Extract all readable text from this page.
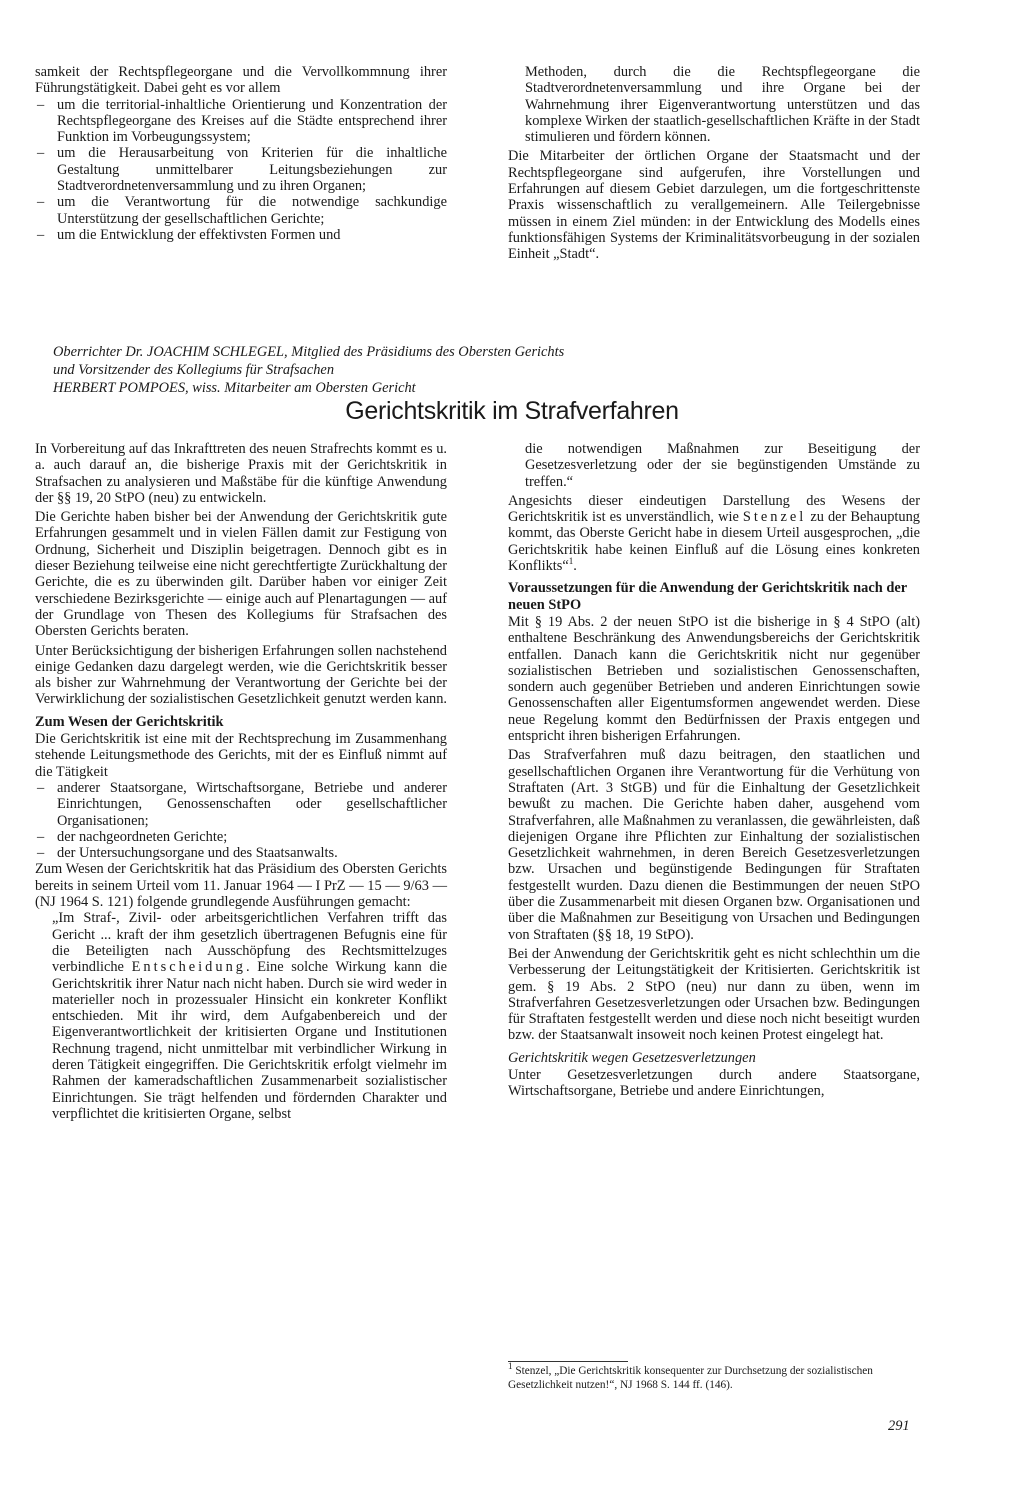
samkeit der Rechtspflegeorgane und die Vervollkommnung ihrer Führungstätigkeit. Dabei geht es vor allem

– um die territorial-inhaltliche Orientierung und Konzentration der Rechtspflegeorgane des Kreises auf die Städte entsprechend ihrer Funktion im Vorbeugungssystem;
– um die Herausarbeitung von Kriterien für die inhaltliche Gestaltung unmittelbarer Leitungsbeziehungen zur Stadtverordnetenversammlung und zu ihren Organen;
– um die Verantwortung für die notwendige sachkundige Unterstützung der gesellschaftlichen Gerichte;
– um die Entwicklung der effektivsten Formen und

Methoden, durch die die Rechtspflegeorgane die Stadtverordnetenversammlung und ihre Organe bei der Wahrnehmung ihrer Eigenverantwortung unterstützen und das komplexe Wirken der staatlich-gesellschaftlichen Kräfte in der Stadt stimulieren und fördern können.

Die Mitarbeiter der örtlichen Organe der Staatsmacht und der Rechtspflegeorgane sind aufgerufen, ihre Vorstellungen und Erfahrungen auf diesem Gebiet darzulegen, um die fortgeschrittenste Praxis wissenschaftlich zu verallgemeinern. Alle Teilergebnisse müssen in einem Ziel münden: in der Entwicklung des Modells eines funktionsfähigen Systems der Kriminalitätsvorbeugung in der sozialen Einheit „Stadt“.

Oberrichter Dr. JOACHIM SCHLEGEL, Mitglied des Präsidiums des Obersten Gerichts
und Vorsitzender des Kollegiums für Strafsachen
HERBERT POMPOES, wiss. Mitarbeiter am Obersten Gericht
Gerichtskritik im Strafverfahren

In Vorbereitung auf das Inkrafttreten des neuen Strafrechts kommt es u. a. auch darauf an, die bisherige Praxis mit der Gerichtskritik in Strafsachen zu analysieren und Maßstäbe für die künftige Anwendung der §§ 19, 20 StPO (neu) zu entwickeln.

Die Gerichte haben bisher bei der Anwendung der Gerichtskritik gute Erfahrungen gesammelt und in vielen Fällen damit zur Festigung von Ordnung, Sicherheit und Disziplin beigetragen. Dennoch gibt es in dieser Beziehung teilweise eine nicht gerechtfertigte Zurückhaltung der Gerichte, die es zu überwinden gilt. Darüber haben vor einiger Zeit verschiedene Bezirksgerichte — einige auch auf Plenartagungen — auf der Grundlage von Thesen des Kollegiums für Strafsachen des Obersten Gerichts beraten.

Unter Berücksichtigung der bisherigen Erfahrungen sollen nachstehend einige Gedanken dazu dargelegt werden, wie die Gerichtskritik besser als bisher zur Wahrnehmung der Verantwortung der Gerichte bei der Verwirklichung der sozialistischen Gesetzlichkeit genutzt werden kann.

Zum Wesen der Gerichtskritik

Die Gerichtskritik ist eine mit der Rechtsprechung im Zusammenhang stehende Leitungsmethode des Gerichts, mit der es Einfluß nimmt auf die Tätigkeit

– anderer Staatsorgane, Wirtschaftsorgane, Betriebe und anderer Einrichtungen, Genossenschaften oder gesellschaftlicher Organisationen;
– der nachgeordneten Gerichte;
– der Untersuchungsorgane und des Staatsanwalts.

Zum Wesen der Gerichtskritik hat das Präsidium des Obersten Gerichts bereits in seinem Urteil vom 11. Januar 1964 — I PrZ — 15 — 9/63 — (NJ 1964 S. 121) folgende grundlegende Ausführungen gemacht:

„Im Straf-, Zivil- oder arbeitsgerichtlichen Verfahren trifft das Gericht ... kraft der ihm gesetzlich übertragenen Befugnis eine für die Beteiligten nach Ausschöpfung des Rechtsmittelzuges verbindliche Entscheidung. Eine solche Wirkung kann die Gerichtskritik ihrer Natur nach nicht haben. Durch sie wird weder in materieller noch in prozessualer Hinsicht ein konkreter Konflikt entschieden. Mit ihr wird, dem Aufgabenbereich und der Eigenverantwortlichkeit der kritisierten Organe und Institutionen Rechnung tragend, nicht unmittelbar mit verbindlicher Wirkung in deren Tätigkeit eingegriffen. Die Gerichtskritik erfolgt vielmehr im Rahmen der kameradschaftlichen Zusammenarbeit sozialistischer Einrichtungen. Sie trägt helfenden und fördernden Charakter und verpflichtet die kritisierten Organe, selbst

die notwendigen Maßnahmen zur Beseitigung der Gesetzesverletzung oder der sie begünstigenden Umstände zu treffen.“

Angesichts dieser eindeutigen Darstellung des Wesens der Gerichtskritik ist es unverständlich, wie Stenzel zu der Behauptung kommt, das Oberste Gericht habe in diesem Urteil ausgesprochen, „die Gerichtskritik habe keinen Einfluß auf die Lösung eines konkreten Konflikts“$^1$.

Voraussetzungen für die Anwendung der Gerichtskritik nach der neuen StPO

Mit § 19 Abs. 2 der neuen StPO ist die bisherige in § 4 StPO (alt) enthaltene Beschränkung des Anwendungsbereichs der Gerichtskritik entfallen. Danach kann die Gerichtskritik nicht nur gegenüber sozialistischen Betrieben und sozialistischen Genossenschaften, sondern auch gegenüber Betrieben und anderen Einrichtungen sowie Genossenschaften aller Eigentumsformen angewendet werden. Diese neue Regelung kommt den Bedürfnissen der Praxis entgegen und entspricht ihren bisherigen Erfahrungen.

Das Strafverfahren muß dazu beitragen, den staatlichen und gesellschaftlichen Organen ihre Verantwortung für die Verhütung von Straftaten (Art. 3 StGB) und für die Einhaltung der Gesetzlichkeit bewußt zu machen. Die Gerichte haben daher, ausgehend vom Strafverfahren, alle Maßnahmen zu veranlassen, die gewährleisten, daß diejenigen Organe ihre Pflichten zur Einhaltung der sozialistischen Gesetzlichkeit wahrnehmen, in deren Bereich Gesetzesverletzungen bzw. Ursachen und begünstigende Bedingungen für Straftaten festgestellt wurden. Dazu dienen die Bestimmungen der neuen StPO über die Zusammenarbeit mit diesen Organen bzw. Organisationen und über die Maßnahmen zur Beseitigung von Ursachen und Bedingungen von Straftaten (§§ 18, 19 StPO).

Bei der Anwendung der Gerichtskritik geht es nicht schlechthin um die Verbesserung der Leitungstätigkeit der Kritisierten. Gerichtskritik ist gem. § 19 Abs. 2 StPO (neu) nur dann zu üben, wenn im Strafverfahren Gesetzesverletzungen oder Ursachen bzw. Bedingungen für Straftaten festgestellt werden und diese noch nicht beseitigt wurden bzw. der Staatsanwalt insoweit noch keinen Protest eingelegt hat.

Gerichtskritik wegen Gesetzesverletzungen

Unter Gesetzesverletzungen durch andere Staatsorgane, Wirtschaftsorgane, Betriebe und andere Einrichtungen,

$^1$ Stenzel, „Die Gerichtskritik konsequenter zur Durchsetzung der sozialistischen Gesetzlichkeit nutzen!“, NJ 1968 S. 144 ff. (146).
291
